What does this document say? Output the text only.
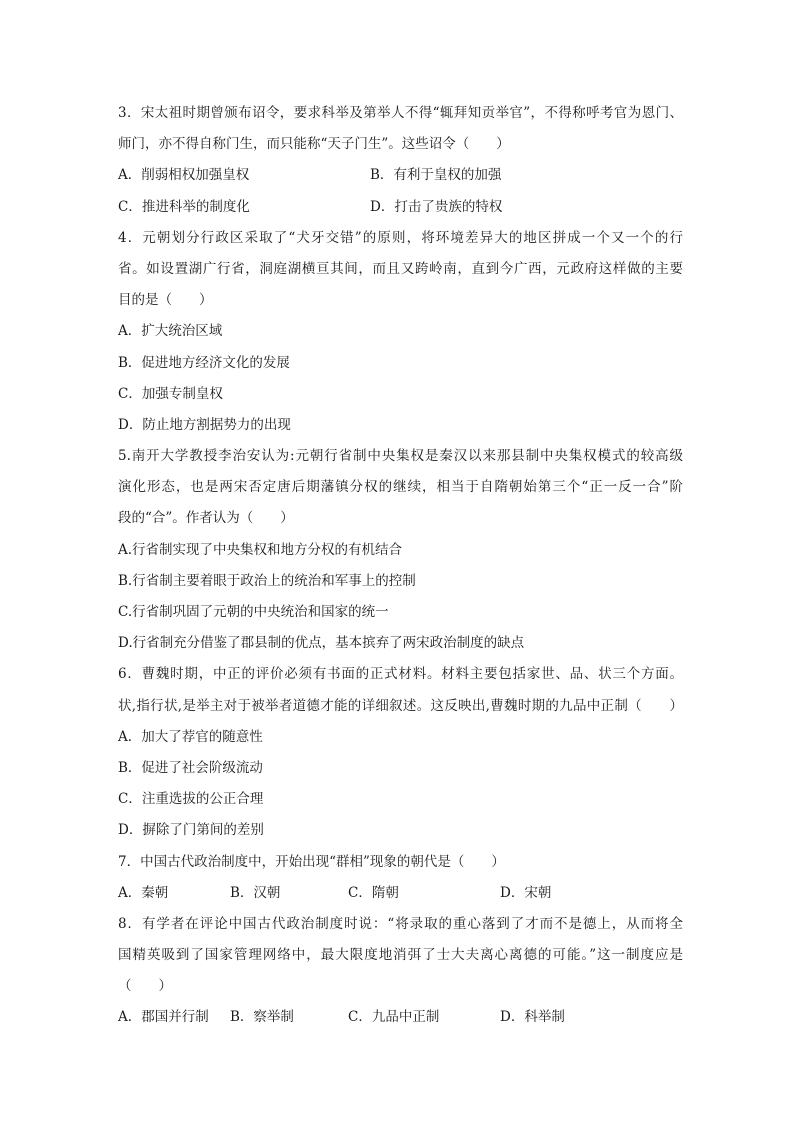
3．宋太祖时期曾颁布诏令，要求科举及第举人不得“辄拜知贡举官”，不得称呼考官为恩门、
师门，亦不得自称门生，而只能称“天子门生”。这些诏令（　　）
A．削弱相权加强皇权	B．有利于皇权的加强
C．推进科举的制度化	D．打击了贵族的特权
4．元朝划分行政区采取了“犬牙交错”的原则，将环境差异大的地区拼成一个又一个的行
省。如设置湖广行省，洞庭湖横亘其间，而且又跨岭南，直到今广西，元政府这样做的主要
目的是（　　）
A．扩大统治区域
B．促进地方经济文化的发展
C．加强专制皇权
D．防止地方割据势力的出现
5.南开大学教授李治安认为:元朝行省制中央集权是秦汉以来那县制中央集权模式的较高级
演化形态，也是两宋否定唐后期藩镇分权的继续，相当于自隋朝始第三个“正一反一合”阶
段的“合”。作者认为（　　）
A.行省制实现了中央集权和地方分权的有机结合
B.行省制主要着眼于政治上的统治和军事上的控制
C.行省制巩固了元朝的中央统治和国家的统一
D.行省制充分借鉴了郡县制的优点，基本摈弃了两宋政治制度的缺点
6．曹魏时期，中正的评价必须有书面的正式材料。材料主要包括家世、品、状三个方面。
状,指行状,是举主对于被举者道德才能的详细叙述。这反映出,曹魏时期的九品中正制（　　）
A．加大了荐官的随意性
B．促进了社会阶级流动
C．注重选拔的公正合理
D．摒除了门第间的差别
7．中国古代政治制度中，开始出现“群相”现象的朝代是（　　）
A．秦朝	B．汉朝	C．隋朝	D．宋朝
8．有学者在评论中国古代政治制度时说：“将录取的重心落到了才而不是德上，从而将全
国精英吸到了国家管理网络中，最大限度地消弭了士大夫离心离德的可能。”这一制度应是
（　　）
A．郡国并行制	B．察举制	C．九品中正制	D．科举制
